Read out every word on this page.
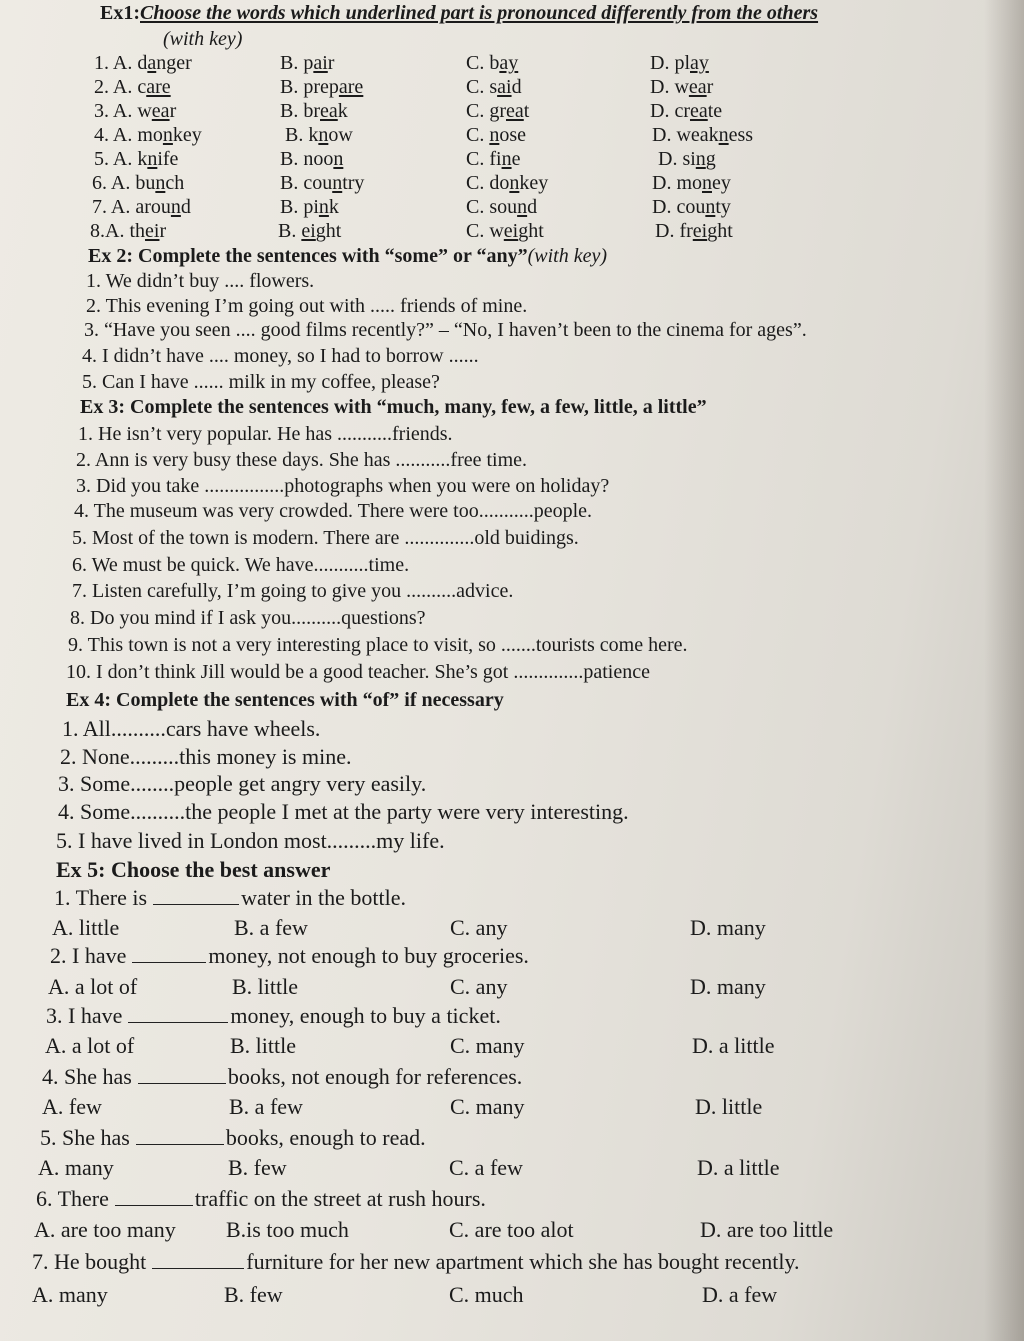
Ex1:Choose the words which underlined part is pronounced differently from the others
(with key)
1. A. danger	B. pair	C. bay	D. play
2. A. care	B. prepare	C. said	D. wear
3. A. wear	B. break	C. great	D. create
4. A. monkey	B. know	C. nose	D. weakness
5. A. knife	B. noon	C. fine	D. sing
6. A. bunch	B. country	C. donkey	D. money
7. A. around	B. pink	C. sound	D. county
8.A. their	B. eight	C. weight	D. freight
Ex 2: Complete the sentences with “some” or “any”(with key)
1. We didn’t buy .... flowers.
2. This evening I’m going out with ..... friends of mine.
3. “Have you seen .... good films recently?” – “No, I haven’t been to the cinema for ages”.
4. I didn’t have .... money, so I had to borrow ......
5. Can I have ...... milk in my coffee, please?
Ex 3: Complete the sentences with “much, many, few, a few, little, a little”
1. He isn’t very popular. He has ...........friends.
2. Ann is very busy these days. She has ...........free time.
3. Did you take ................photographs when you were on holiday?
4. The museum was very crowded. There were too...........people.
5. Most of the town is modern. There are ..............old buidings.
6. We must be quick. We have...........time.
7. Listen carefully, I’m going to give you ..........advice.
8. Do you mind if I ask you..........questions?
9. This town is not a very interesting place to visit, so .......tourists come here.
10. I don’t think Jill would be a good teacher. She’s got ..............patience
Ex 4: Complete the sentences with “of” if necessary
1. All..........cars have wheels.
2. None.........this money is mine.
3. Some........people get angry very easily.
4. Some..........the people I met at the party were very interesting.
5. I have lived in London most.........my life.
Ex 5: Choose the best answer
1. There is	water in the bottle.
A. little	B. a few	C. any	D. many
2. I have	money, not enough to buy groceries.
A. a lot of	B. little	C. any	D. many
3. I have	money, enough to buy a ticket.
A. a lot of	B. little	C. many	D. a little
4. She has	books, not enough for references.
A. few	B. a few	C. many	D. little
5. She has	books, enough to read.
A. many	B. few	C. a few	D. a little
6. There	traffic on the street at rush hours.
A. are too many B.is too much	C. are too alot	D. are too little
7. He bought	furniture for her new apartment which she has bought recently.
A. many	B. few	C. much	D. a few
